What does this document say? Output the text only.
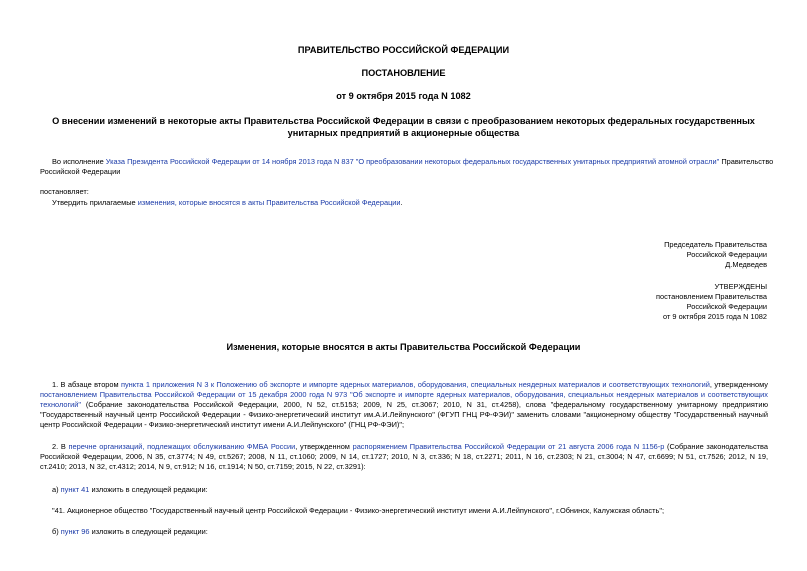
ПРАВИТЕЛЬСТВО РОССИЙСКОЙ ФЕДЕРАЦИИ
ПОСТАНОВЛЕНИЕ
от 9 октября 2015 года N 1082
О внесении изменений в некоторые акты Правительства Российской Федерации в связи с преобразованием некоторых федеральных государственных
унитарных предприятий в акционерные общества
Во исполнение Указа Президента Российской Федерации от 14 ноября 2013 года N 837 "О преобразовании некоторых федеральных государственных унитарных предприятий атомной отрасли" Правительство
Российской Федерации
постановляет:
Утвердить прилагаемые изменения, которые вносятся в акты Правительства Российской Федерации.
Председатель Правительства
Российской Федерации
Д.Медведев
УТВЕРЖДЕНЫ
постановлением Правительства
Российской Федерации
от 9 октября 2015 года N 1082
Изменения, которые вносятся в акты Правительства Российской Федерации
1. В абзаце втором пункта 1 приложения N 3 к Положению об экспорте и импорте ядерных материалов, оборудования, специальных неядерных материалов и соответствующих технологий, утвержденному постановлением Правительства Российской Федерации от 15 декабря 2000 года N 973 "Об экспорте и импорте ядерных материалов, оборудования, специальных неядерных материалов и соответствующих технологий" (Собрание законодательства Российской Федерации, 2000, N 52, ст.5153; 2009, N 25, ст.3067; 2010, N 31, ст.4258), слова "федеральному государственному унитарному предприятию "Государственный научный центр Российской Федерации - Физико-энергетический институт им.А.И.Лейпунского" (ФГУП ГНЦ РФ-ФЭИ)" заменить словами "акционерному обществу "Государственный научный центр Российской Федерации - Физико-энергетический институт имени А.И.Лейпунского" (ГНЦ РФ-ФЭИ)";
2. В перечне организаций, подлежащих обслуживанию ФМБА России, утвержденном распоряжением Правительства Российской Федерации от 21 августа 2006 года N 1156-р (Собрание законодательства Российской Федерации, 2006, N 35, ст.3774; N 49, ст.5267; 2008, N 11, ст.1060; 2009, N 14, ст.1727; 2010, N 3, ст.336; N 18, ст.2271; 2011, N 16, ст.2303; N 21, ст.3004; N 47, ст.6699; N 51, ст.7526; 2012, N 19, ст.2410; 2013, N 32, ст.4312; 2014, N 9, ст.912; N 16, ст.1914; N 50, ст.7159; 2015, N 22, ст.3291):
а) пункт 41 изложить в следующей редакции:
"41. Акционерное общество "Государственный научный центр Российской Федерации - Физико-энергетический институт имени А.И.Лейпунского", г.Обнинск, Калужская область";
б) пункт 96 изложить в следующей редакции:
